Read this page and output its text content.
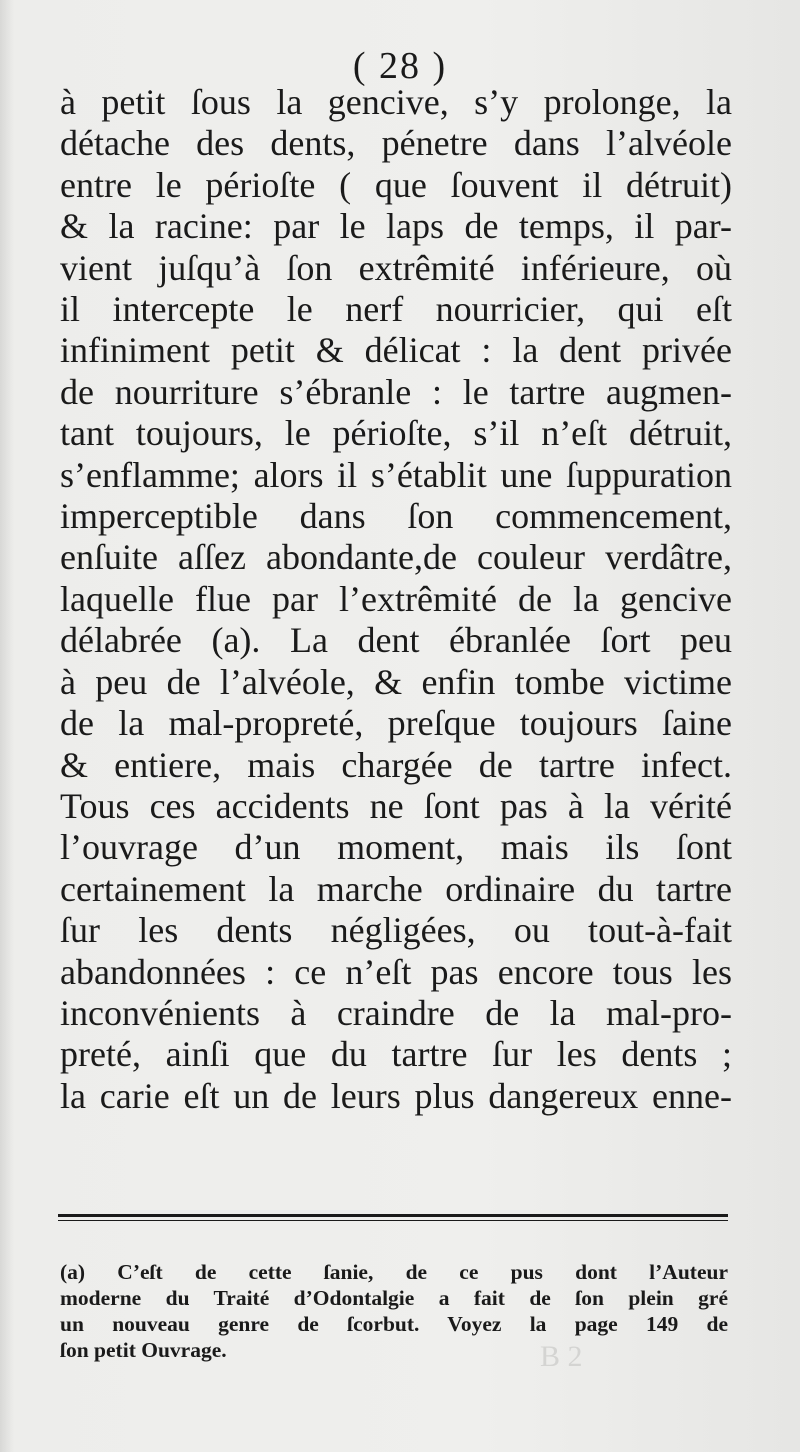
( 28 )
à petit ſous la gencive, s’y prolonge, la
détache des dents, pénetre dans l’alvéole
entre le périoſte ( que ſouvent il détruit)
& la racine: par le laps de temps, il par-
vient juſqu’à ſon extrêmité inférieure, où
il intercepte le nerf nourricier, qui eſt
infiniment petit & délicat : la dent privée
de nourriture s’ébranle : le tartre augmen-
tant toujours, le périoſte, s’il n’eſt détruit,
s’enflamme; alors il s’établit une ſuppuration
imperceptible dans ſon commencement,
enſuite aſſez abondante,de couleur verdâtre,
laquelle flue par l’extrêmité de la gencive
délabrée (a). La dent ébranlée ſort peu
à peu de l’alvéole, & enfin tombe victime
de la mal-propreté, preſque toujours ſaine
& entiere, mais chargée de tartre infect.
Tous ces accidents ne ſont pas à la vérité
l’ouvrage d’un moment, mais ils ſont
certainement la marche ordinaire du tartre
ſur les dents négligées, ou tout-à-fait
abandonnées : ce n’eſt pas encore tous les
inconvénients à craindre de la mal-pro-
preté, ainſi que du tartre ſur les dents ;
la carie eſt un de leurs plus dangereux enne-
(a) C’eſt de cette ſanie, de ce pus dont l’Auteur
moderne du Traité d’Odontalgie a fait de ſon plein gré
un nouveau genre de ſcorbut. Voyez la page 149 de
ſon petit Ouvrage.	B 2
